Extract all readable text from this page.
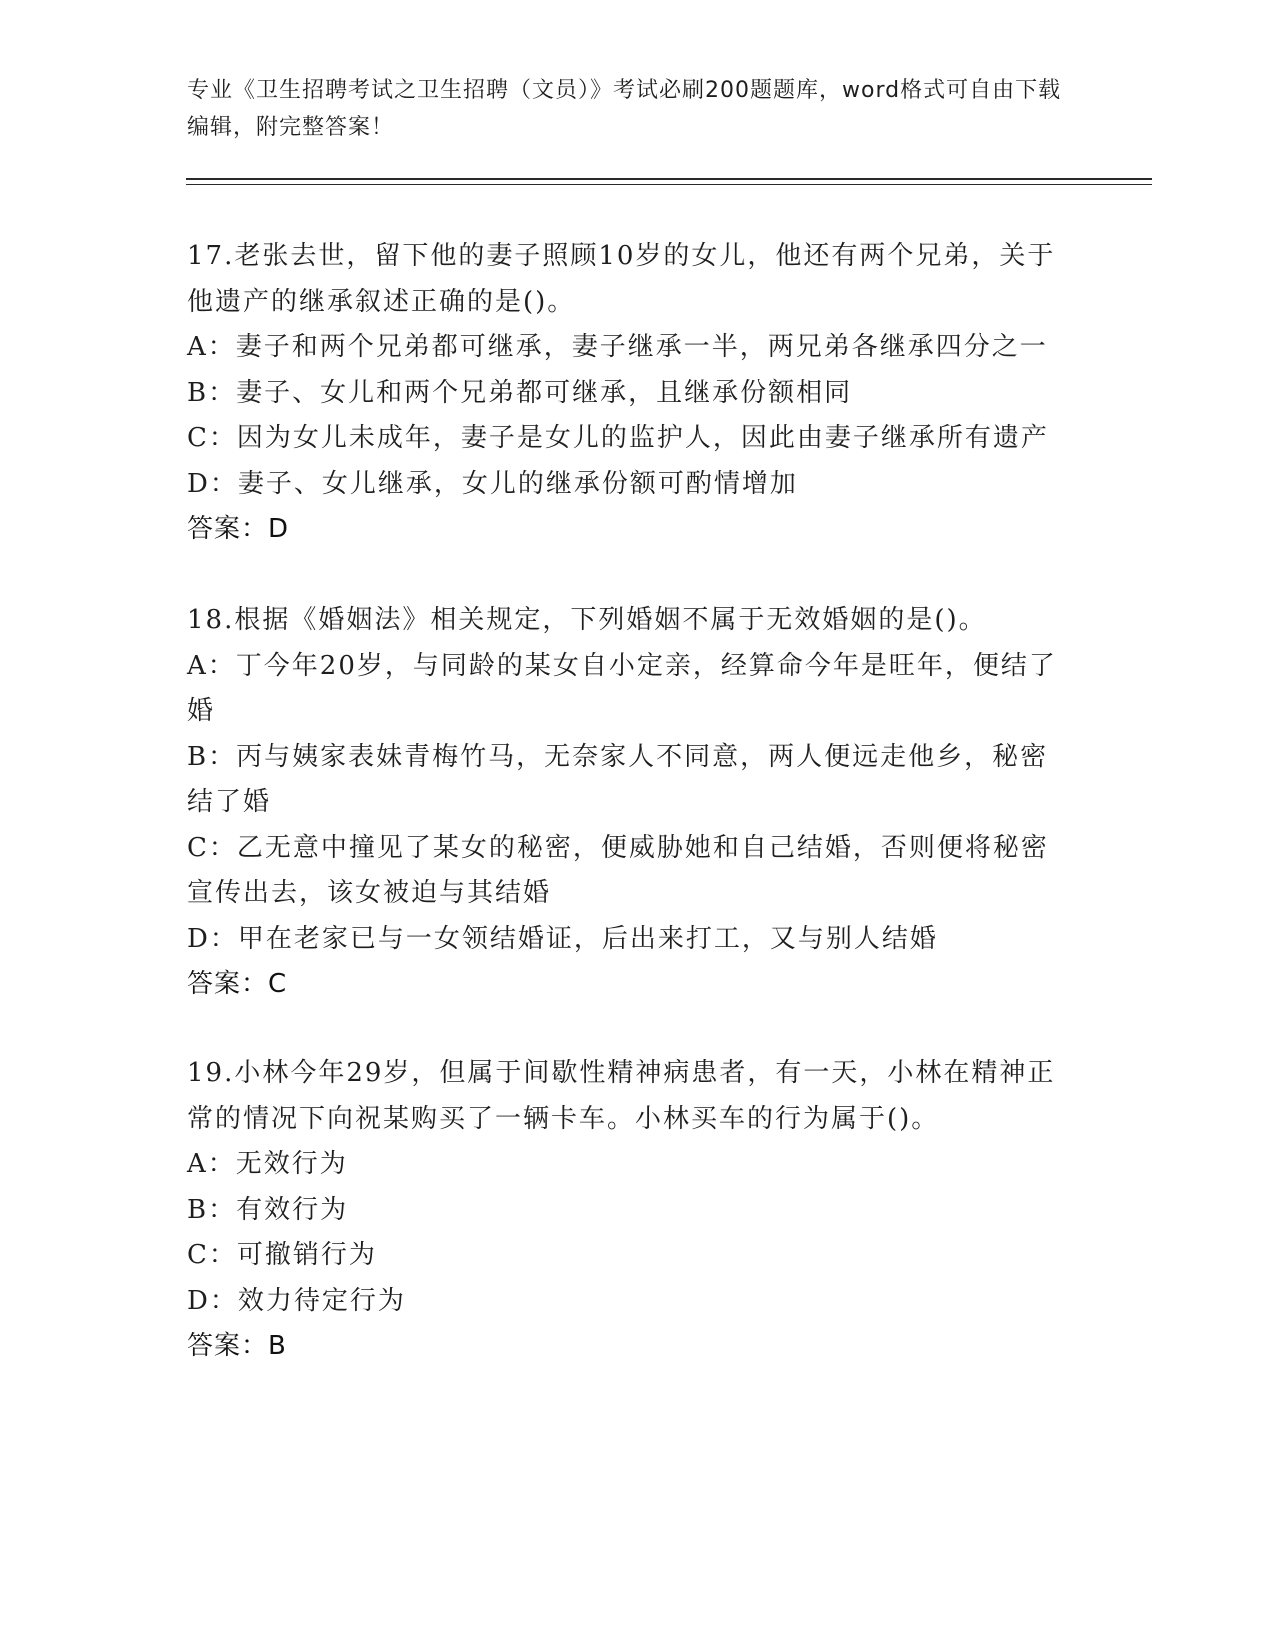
专业《卫生招聘考试之卫生招聘（文员）》考试必刷200题题库，word格式可自由下载编辑，附完整答案！
17.老张去世，留下他的妻子照顾10岁的女儿，他还有两个兄弟，关于他遗产的继承叙述正确的是()。
A：妻子和两个兄弟都可继承，妻子继承一半，两兄弟各继承四分之一
B：妻子、女儿和两个兄弟都可继承，且继承份额相同
C：因为女儿未成年，妻子是女儿的监护人，因此由妻子继承所有遗产
D：妻子、女儿继承，女儿的继承份额可酌情增加
答案：D
18.根据《婚姻法》相关规定，下列婚姻不属于无效婚姻的是()。
A：丁今年20岁，与同龄的某女自小定亲，经算命今年是旺年，便结了婚
B：丙与姨家表妹青梅竹马，无奈家人不同意，两人便远走他乡，秘密结了婚
C：乙无意中撞见了某女的秘密，便威胁她和自己结婚，否则便将秘密宣传出去，该女被迫与其结婚
D：甲在老家已与一女领结婚证，后出来打工，又与别人结婚
答案：C
19.小林今年29岁，但属于间歇性精神病患者，有一天，小林在精神正常的情况下向祝某购买了一辆卡车。小林买车的行为属于()。
A：无效行为
B：有效行为
C：可撤销行为
D：效力待定行为
答案：B
